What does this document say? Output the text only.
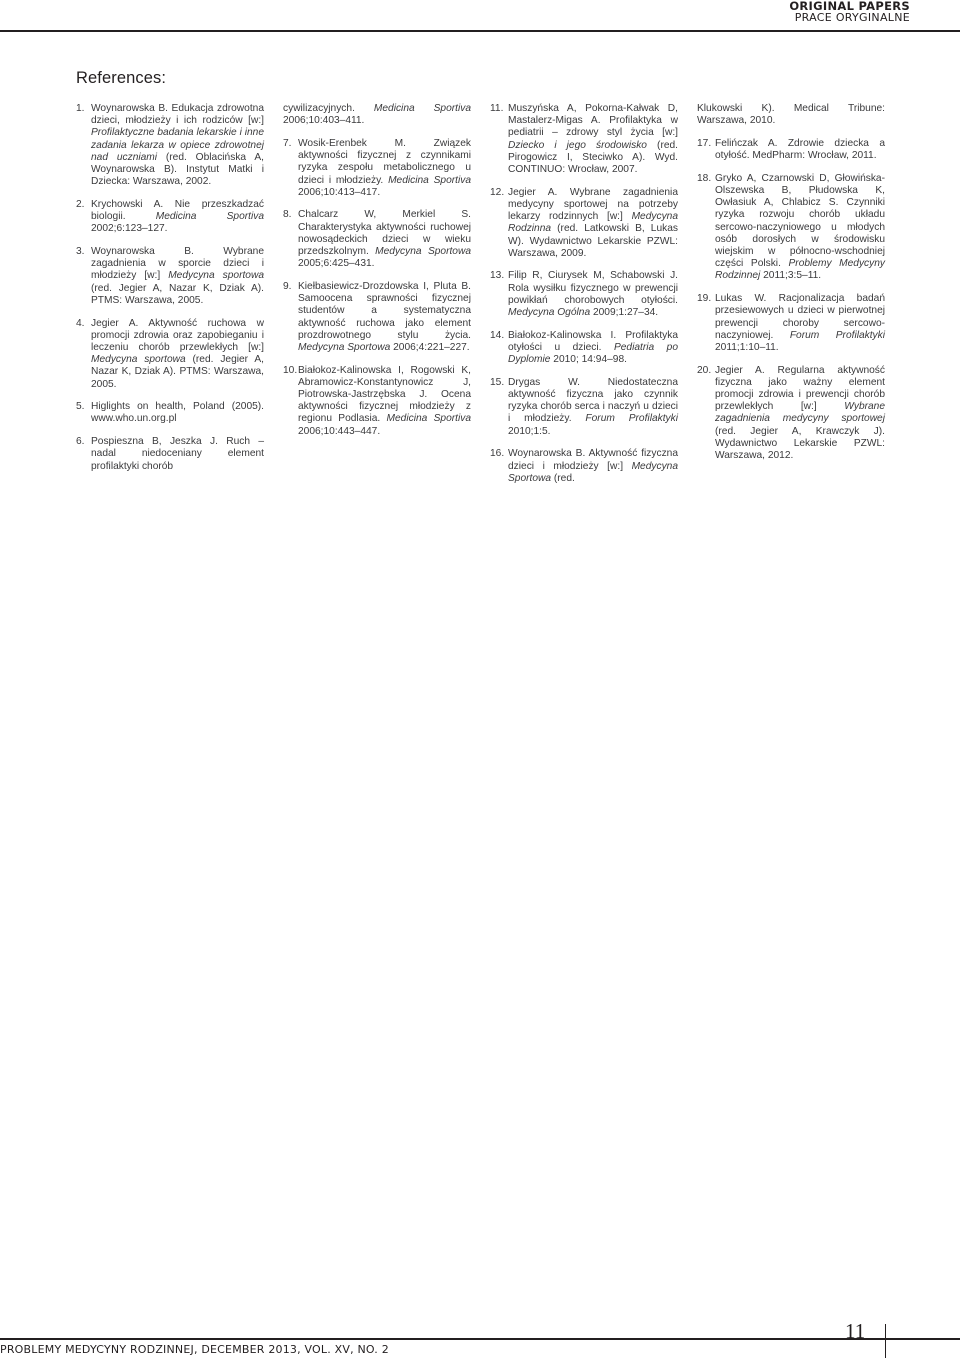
ORIGINAL PAPERS
PRACE ORYGINALNE
References:
1. Woynarowska B. Edukacja zdrowotna dzieci, młodzieży i ich rodziców [w:] Profilaktyczne badania lekarskie i inne zadania lekarza w opiece zdrowotnej nad uczniami (red. Oblacińska A, Woynarowska B). Instytut Matki i Dziecka: Warszawa, 2002.
2. Krychowski A. Nie przeszkadzać biologii. Medicina Sportiva 2002;6:123–127.
3. Woynarowska B. Wybrane zagadnienia w sporcie dzieci i młodzieży [w:] Medycyna sportowa (red. Jegier A, Nazar K, Dziak A). PTMS: Warszawa, 2005.
4. Jegier A. Aktywność ruchowa w promocji zdrowia oraz zapobieganiu i leczeniu chorób przewlekłych [w:] Medycyna sportowa (red. Jegier A, Nazar K, Dziak A). PTMS: Warszawa, 2005.
5. Higlights on health, Poland (2005). www.who.un.org.pl
6. Pospieszna B, Jeszka J. Ruch – nadal niedoceniany element profilaktyki chorób
cywilizacyjnych. Medicina Sportiva 2006;10:403–411.
7. Wosik-Erenbek M. Związek aktywności fizycznej z czynnikami ryzyka zespołu metabolicznego u dzieci i młodzieży. Medicina Sportiva 2006;10:413–417.
8. Chalcarz W, Merkiel S. Charakterystyka aktywności ruchowej nowosądeckich dzieci w wieku przedszkolnym. Medycyna Sportowa 2005;6:425–431.
9. Kiełbasiewicz-Drozdowska I, Pluta B. Samoocena sprawności fizycznej studentów a systematyczna aktywność ruchowa jako element prozdrowotnego stylu życia. Medycyna Sportowa 2006;4:221–227.
10. Białokoz-Kalinowska I, Rogowski K, Abramowicz-Konstantynowicz J, Piotrowska-Jastrzębska J. Ocena aktywności fizycznej młodzieży z regionu Podlasia. Medicina Sportiva 2006;10:443–447.
11. Muszyńska A, Pokorna-Kałwak D, Mastalerz-Migas A. Profilaktyka w pediatrii – zdrowy styl życia [w:] Dziecko i jego środowisko (red. Pirogowicz I, Steciwko A). Wyd. CONTINUO: Wrocław, 2007.
12. Jegier A. Wybrane zagadnienia medycyny sportowej na potrzeby lekarzy rodzinnych [w:] Medycyna Rodzinna (red. Latkowski B, Lukas W). Wydawnictwo Lekarskie PZWL: Warszawa, 2009.
13. Filip R, Ciurysek M, Schabowski J. Rola wysiłku fizycznego w prewencji powikłań chorobowych otyłości. Medycyna Ogólna 2009;1:27–34.
14. Białokoz-Kalinowska I. Profilaktyka otyłości u dzieci. Pediatria po Dyplomie 2010; 14:94–98.
15. Drygas W. Niedostateczna aktywność fizyczna jako czynnik ryzyka chorób serca i naczyń u dzieci i młodzieży. Forum Profilaktyki 2010;1:5.
16. Woynarowska B. Aktywność fizyczna dzieci i młodzieży [w:] Medycyna Sportowa (red.
Klukowski K). Medical Tribune: Warszawa, 2010.
17. Felińczak A. Zdrowie dziecka a otyłość. MedPharm: Wrocław, 2011.
18. Gryko A, Czarnowski D, Głowińska-Olszewska B, Płudowska K, Owłasiuk A, Chlabicz S. Czynniki ryzyka rozwoju chorób układu sercowo-naczyniowego u młodych osób dorosłych w środowisku wiejskim w północno-wschodniej części Polski. Problemy Medycyny Rodzinnej 2011;3:5–11.
19. Lukas W. Racjonalizacja badań przesiewowych u dzieci w pierwotnej prewencji choroby sercowo-naczyniowej. Forum Profilaktyki 2011;1:10–11.
20. Jegier A. Regularna aktywność fizyczna jako ważny element promocji zdrowia i prewencji chorób przewlekłych [w:] Wybrane zagadnienia medycyny sportowej (red. Jegier A, Krawczyk J). Wydawnictwo Lekarskie PZWL: Warszawa, 2012.
PROBLEMY MEDYCYNY RODZINNEJ, DECEMBER 2013, VOL. XV, NO. 2
11
